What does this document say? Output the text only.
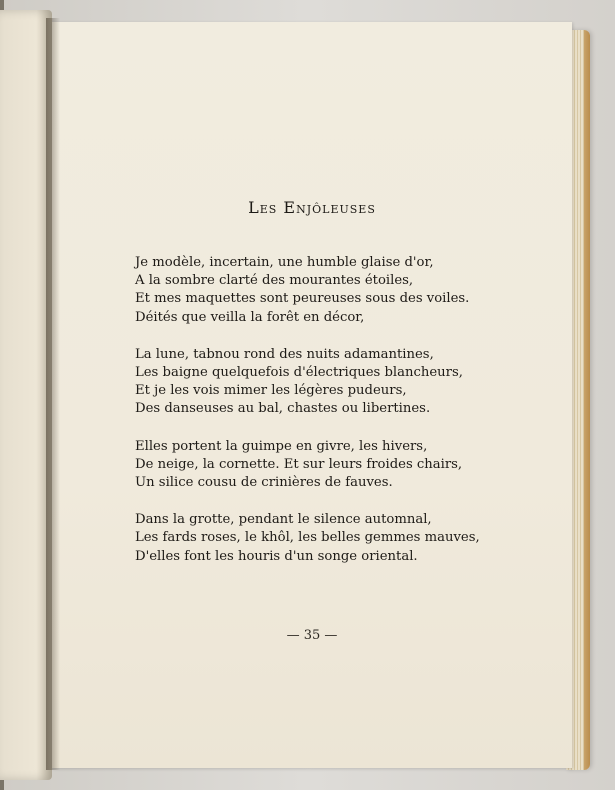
Les Enjôleuses
Je modèle, incertain, une humble glaise d'or,
A la sombre clarté des mourantes étoiles,
Et mes maquettes sont peureuses sous des voiles.
Déités que veilla la forêt en décor,
La lune, tabnou rond des nuits adamantines,
Les baigne quelquefois d'électriques blancheurs,
Et je les vois mimer les légères pudeurs,
Des danseuses au bal, chastes ou libertines.
Elles portent la guimpe en givre, les hivers,
De neige, la cornette. Et sur leurs froides chairs,
Un silice cousu de crinières de fauves.
Dans la grotte, pendant le silence automnal,
Les fards roses, le khôl, les belles gemmes mauves,
D'elles font les houris d'un songe oriental.
— 35 —
